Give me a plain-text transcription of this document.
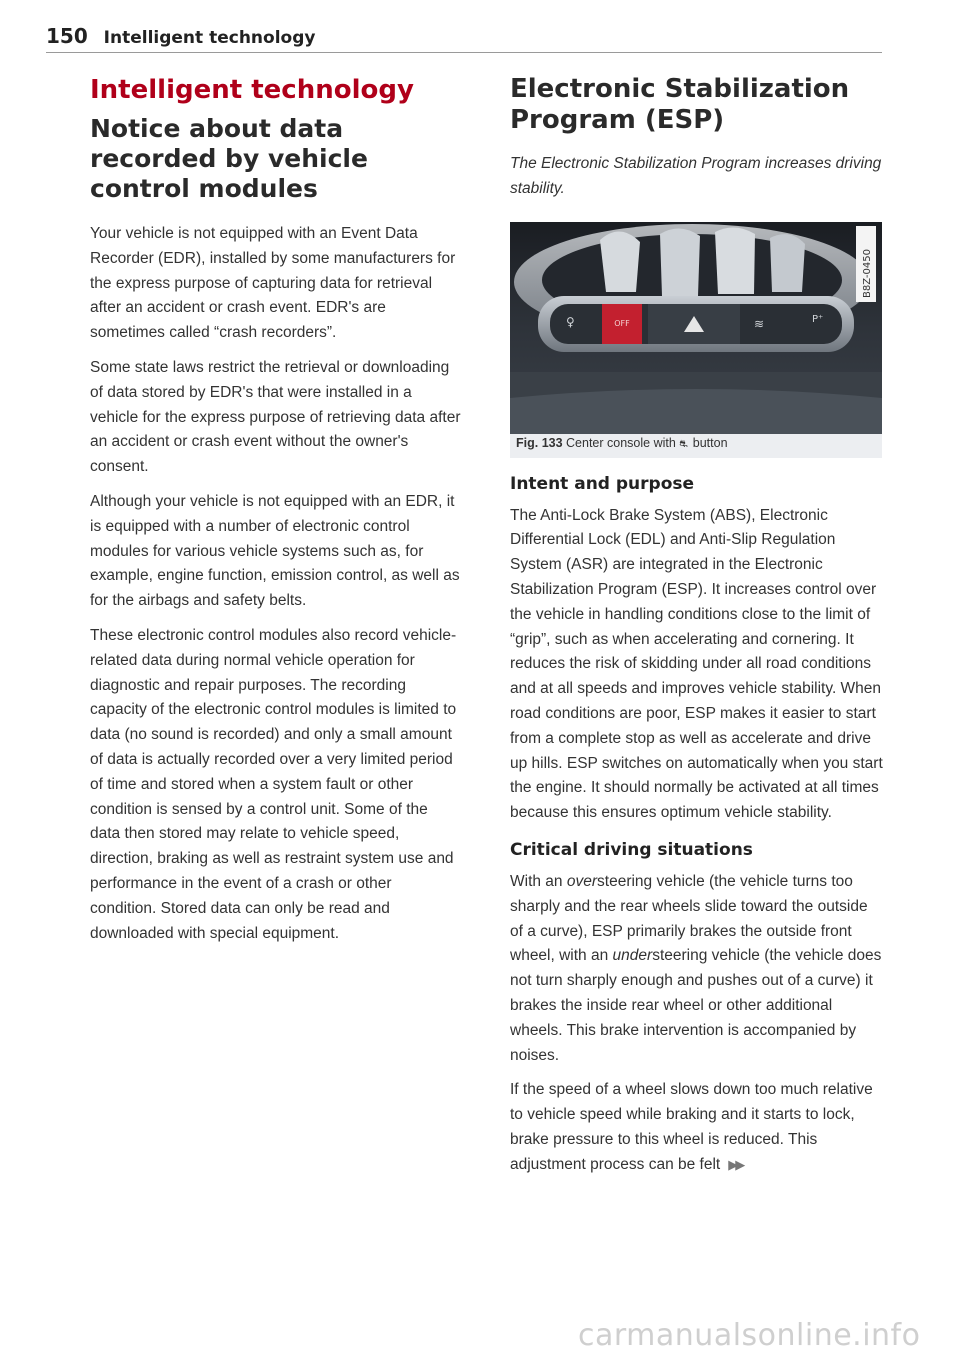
150 Intelligent technology
Intelligent technology
Notice about data recorded by vehicle control modules

Your vehicle is not equipped with an Event Data Recorder (EDR), installed by some manufacturers for the express purpose of capturing data for retrieval after an accident or crash event. EDR's are sometimes called “crash recorders”.

Some state laws restrict the retrieval or downloading of data stored by EDR's that were installed in a vehicle for the express purpose of retrieving data after an accident or crash event without the owner's consent.

Although your vehicle is not equipped with an EDR, it is equipped with a number of electronic control modules for various vehicle systems such as, for example, engine function, emission control, as well as for the airbags and safety belts.

These electronic control modules also record vehicle-related data during normal vehicle operation for diagnostic and repair purposes. The recording capacity of the electronic control modules is limited to data (no sound is recorded) and only a small amount of data is actually recorded over a very limited period of time and stored when a system fault or other condition is sensed by a control unit. Some of the data then stored may relate to vehicle speed, direction, braking as well as restraint system use and performance in the event of a crash or other condition. Stored data can only be read and downloaded with special equipment.

Electronic Stabilization Program (ESP)

The Electronic Stabilization Program increases driving stability.

OFF
♀	≋	P⁺
B8Z-0450
Fig. 133 Center console with ⛐ button
Intent and purpose

The Anti-Lock Brake System (ABS), Electronic Differential Lock (EDL) and Anti-Slip Regulation System (ASR) are integrated in the Electronic Stabilization Program (ESP). It increases control over the vehicle in handling conditions close to the limit of “grip”, such as when accelerating and cornering. It reduces the risk of skidding under all road conditions and at all speeds and improves vehicle stability. When road conditions are poor, ESP makes it easier to start from a complete stop as well as accelerate and drive up hills. ESP switches on automatically when you start the engine. It should normally be activated at all times because this ensures optimum vehicle stability.

Critical driving situations

With an oversteering vehicle (the vehicle turns too sharply and the rear wheels slide toward the outside of a curve), ESP primarily brakes the outside front wheel, with an understeering vehicle (the vehicle does not turn sharply enough and pushes out of a curve) it brakes the inside rear wheel or other additional wheels. This brake intervention is accompanied by noises.

If the speed of a wheel slows down too much relative to vehicle speed while braking and it starts to lock, brake pressure to this wheel is reduced. This adjustment process can be felt ▶▶

carmanualsonline.info
